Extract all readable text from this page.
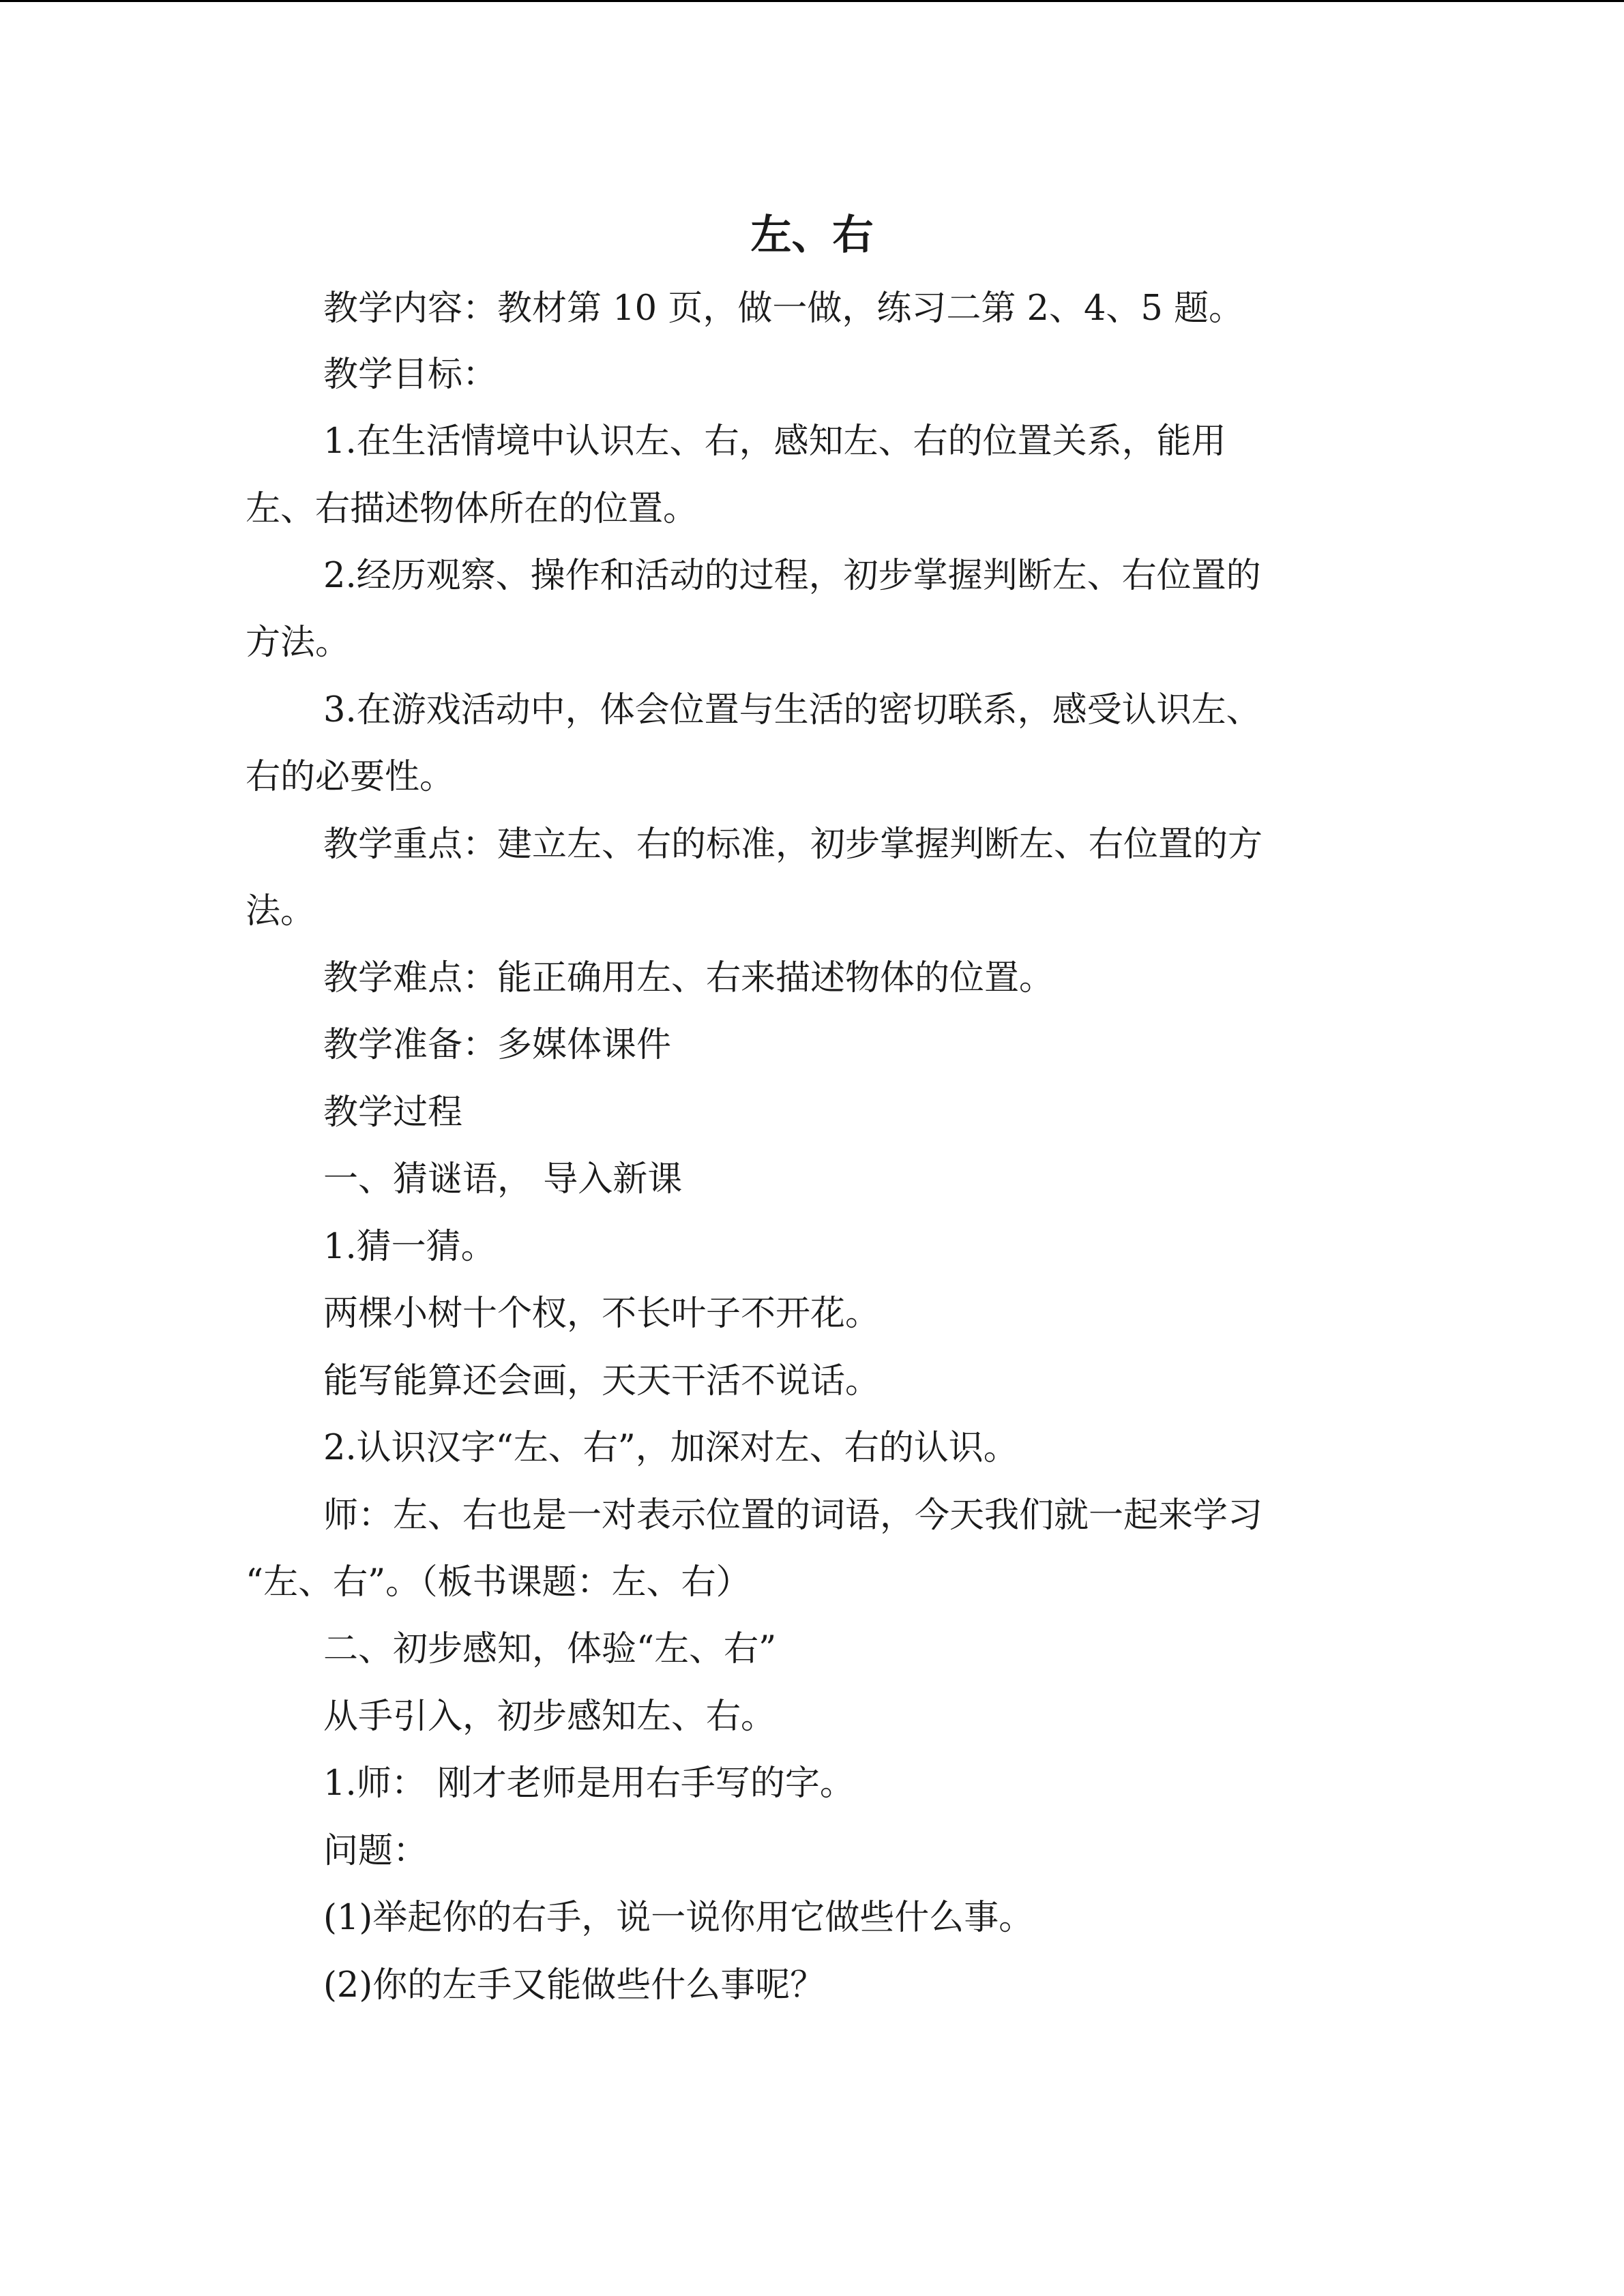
左、右
教学内容：教材第 10 页，做一做，练习二第 2、4、5 题。
教学目标：
1.在生活情境中认识左、右，感知左、右的位置关系，能用
左、右描述物体所在的位置。
2.经历观察、操作和活动的过程，初步掌握判断左、右位置的
方法。
3.在游戏活动中，体会位置与生活的密切联系，感受认识左、
右的必要性。
教学重点：建立左、右的标准，初步掌握判断左、右位置的方
法。
教学难点：能正确用左、右来描述物体的位置。
教学准备：多媒体课件
教学过程
一、猜谜语， 导入新课
1.猜一猜。
两棵小树十个杈，不长叶子不开花。
能写能算还会画，天天干活不说话。
2.认识汉字“左、右”，加深对左、右的认识。
师：左、右也是一对表示位置的词语，今天我们就一起来学习
“左、右”。（板书课题：左、右）
二、初步感知，体验“左、右”
从手引入，初步感知左、右。
1.师： 刚才老师是用右手写的字。
问题：
(1)举起你的右手，说一说你用它做些什么事。
(2)你的左手又能做些什么事呢？
